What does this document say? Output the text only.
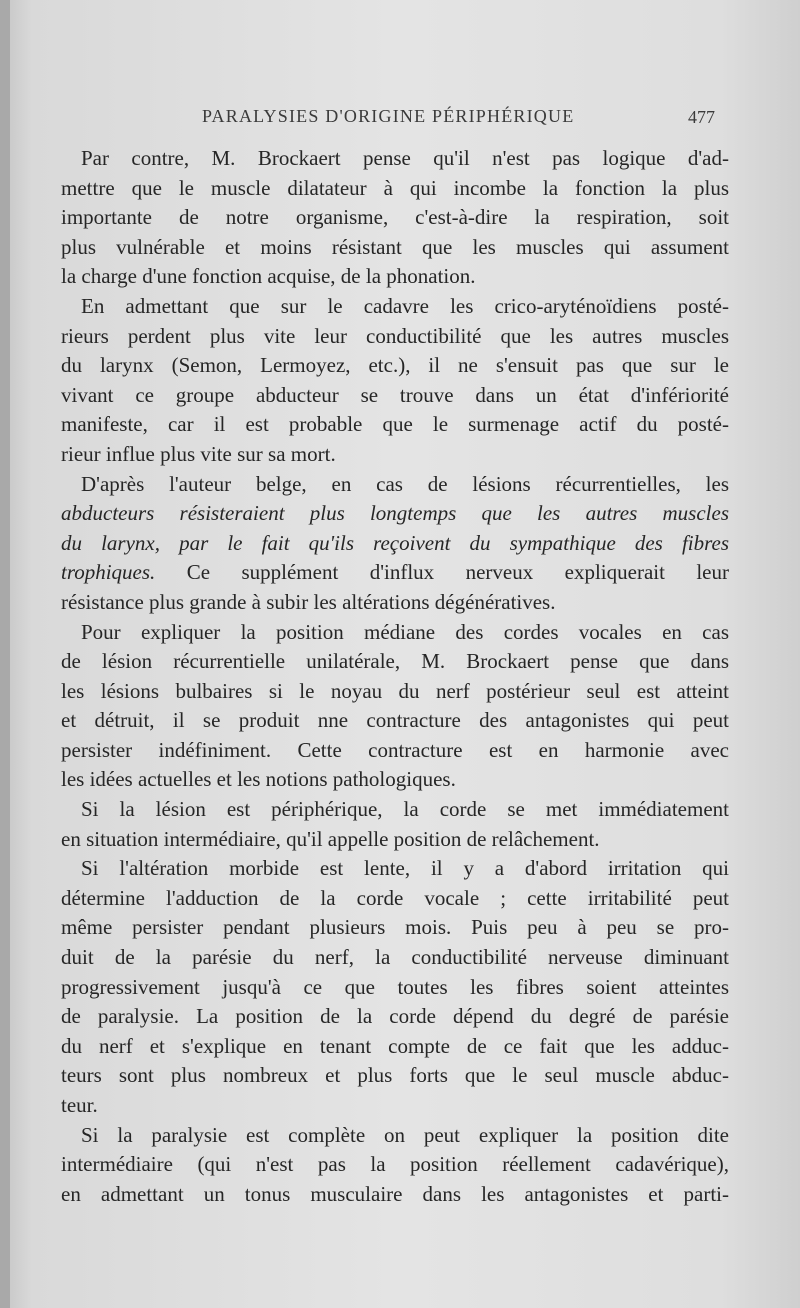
PARALYSIES D'ORIGINE PÉRIPHÉRIQUE	477
Par contre, M. Brockaert pense qu'il n'est pas logique d'ad-
mettre que le muscle dilatateur à qui incombe la fonction la plus
importante de notre organisme, c'est-à-dire la respiration, soit
plus vulnérable et moins résistant que les muscles qui assument
la charge d'une fonction acquise, de la phonation.
En admettant que sur le cadavre les crico-aryténoïdiens posté-
rieurs perdent plus vite leur conductibilité que les autres muscles
du larynx (Semon, Lermoyez, etc.), il ne s'ensuit pas que sur le
vivant ce groupe abducteur se trouve dans un état d'infériorité
manifeste, car il est probable que le surmenage actif du posté-
rieur influe plus vite sur sa mort.
D'après l'auteur belge, en cas de lésions récurrentielles, les
abducteurs résisteraient plus longtemps que les autres muscles
du larynx, par le fait qu'ils reçoivent du sympathique des fibres
trophiques. Ce supplément d'influx nerveux expliquerait leur
résistance plus grande à subir les altérations dégénératives.
Pour expliquer la position médiane des cordes vocales en cas
de lésion récurrentielle unilatérale, M. Brockaert pense que dans
les lésions bulbaires si le noyau du nerf postérieur seul est atteint
et détruit, il se produit nne contracture des antagonistes qui peut
persister indéfiniment. Cette contracture est en harmonie avec
les idées actuelles et les notions pathologiques.
Si la lésion est périphérique, la corde se met immédiatement
en situation intermédiaire, qu'il appelle position de relâchement.
Si l'altération morbide est lente, il y a d'abord irritation qui
détermine l'adduction de la corde vocale ; cette irritabilité peut
même persister pendant plusieurs mois. Puis peu à peu se pro-
duit de la parésie du nerf, la conductibilité nerveuse diminuant
progressivement jusqu'à ce que toutes les fibres soient atteintes
de paralysie. La position de la corde dépend du degré de parésie
du nerf et s'explique en tenant compte de ce fait que les adduc-
teurs sont plus nombreux et plus forts que le seul muscle abduc-
teur.
Si la paralysie est complète on peut expliquer la position dite
intermédiaire (qui n'est pas la position réellement cadavérique),
en admettant un tonus musculaire dans les antagonistes et parti-
